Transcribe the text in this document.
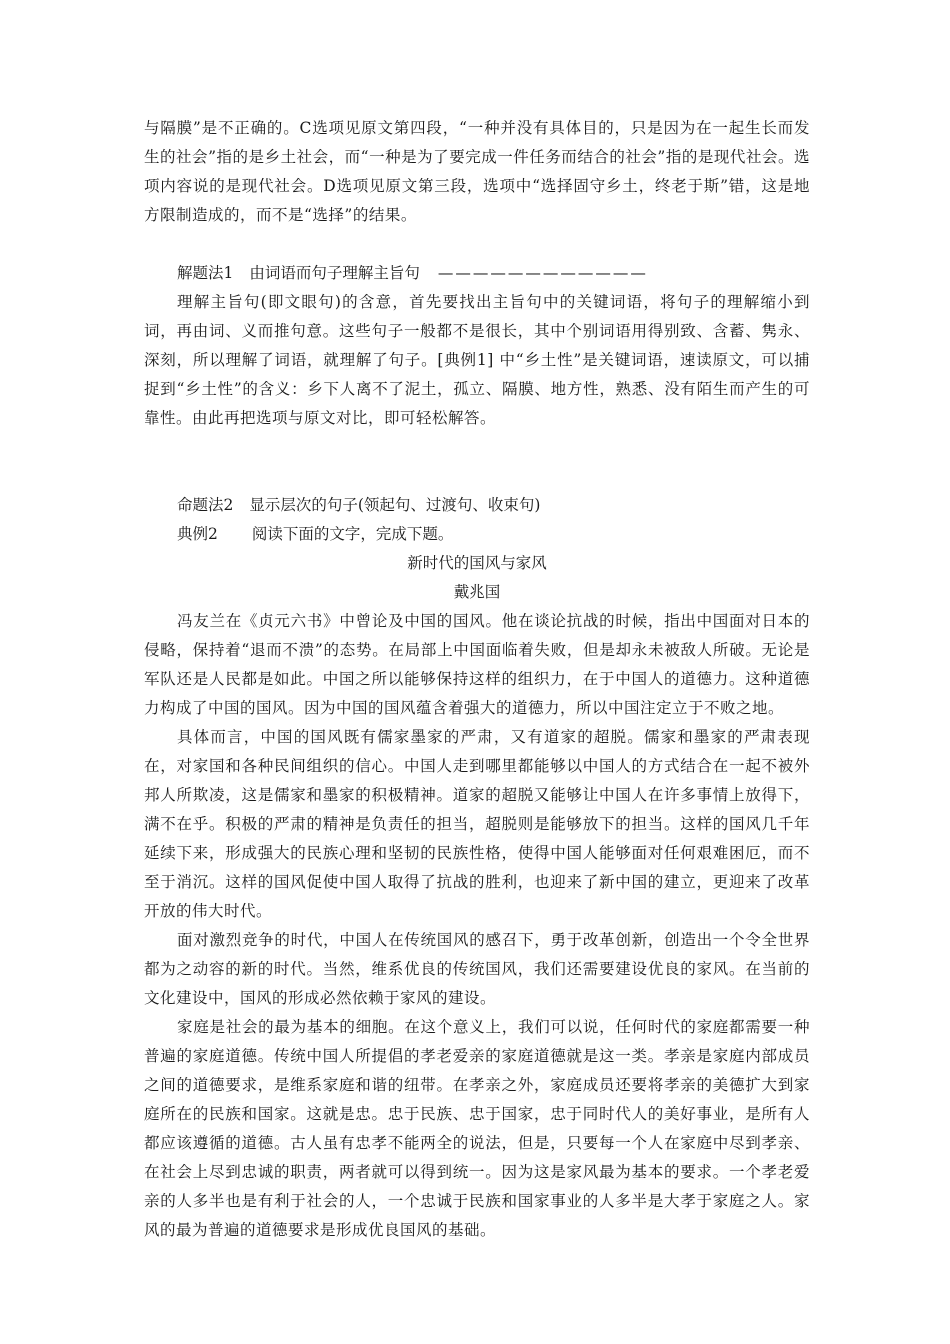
与隔膜”是不正确的。C选项见原文第四段，“一种并没有具体目的，只是因为在一起生长而发生的社会”指的是乡土社会，而“一种是为了要完成一件任务而结合的社会”指的是现代社会。选项内容说的是现代社会。D选项见原文第三段，选项中“选择固守乡土，终老于斯”错，这是地方限制造成的，而不是“选择”的结果。

解题法1 由词语而句子理解主旨句 ————————————

理解主旨句(即文眼句)的含意，首先要找出主旨句中的关键词语，将句子的理解缩小到词，再由词、义而推句意。这些句子一般都不是很长，其中个别词语用得别致、含蓄、隽永、深刻，所以理解了词语，就理解了句子。[典例1] 中“乡土性”是关键词语，速读原文，可以捕捉到“乡土性”的含义：乡下人离不了泥土，孤立、隔膜、地方性，熟悉、没有陌生而产生的可靠性。由此再把选项与原文对比，即可轻松解答。

命题法2 显示层次的句子(领起句、过渡句、收束句)
典例2 阅读下面的文字，完成下题。
新时代的国风与家风
戴兆国

冯友兰在《贞元六书》中曾论及中国的国风。他在谈论抗战的时候，指出中国面对日本的侵略，保持着“退而不溃”的态势。在局部上中国面临着失败，但是却永未被敌人所破。无论是军队还是人民都是如此。中国之所以能够保持这样的组织力，在于中国人的道德力。这种道德力构成了中国的国风。因为中国的国风蕴含着强大的道德力，所以中国注定立于不败之地。

具体而言，中国的国风既有儒家墨家的严肃，又有道家的超脱。儒家和墨家的严肃表现在，对家国和各种民间组织的信心。中国人走到哪里都能够以中国人的方式结合在一起不被外邦人所欺凌，这是儒家和墨家的积极精神。道家的超脱又能够让中国人在许多事情上放得下，满不在乎。积极的严肃的精神是负责任的担当，超脱则是能够放下的担当。这样的国风几千年延续下来，形成强大的民族心理和坚韧的民族性格，使得中国人能够面对任何艰难困厄，而不至于消沉。这样的国风促使中国人取得了抗战的胜利，也迎来了新中国的建立，更迎来了改革开放的伟大时代。

面对激烈竞争的时代，中国人在传统国风的感召下，勇于改革创新，创造出一个令全世界都为之动容的新的时代。当然，维系优良的传统国风，我们还需要建设优良的家风。在当前的文化建设中，国风的形成必然依赖于家风的建设。

家庭是社会的最为基本的细胞。在这个意义上，我们可以说，任何时代的家庭都需要一种普遍的家庭道德。传统中国人所提倡的孝老爱亲的家庭道德就是这一类。孝亲是家庭内部成员之间的道德要求，是维系家庭和谐的纽带。在孝亲之外，家庭成员还要将孝亲的美德扩大到家庭所在的民族和国家。这就是忠。忠于民族、忠于国家，忠于同时代人的美好事业，是所有人都应该遵循的道德。古人虽有忠孝不能两全的说法，但是，只要每一个人在家庭中尽到孝亲、在社会上尽到忠诚的职责，两者就可以得到统一。因为这是家风最为基本的要求。一个孝老爱亲的人多半也是有利于社会的人，一个忠诚于民族和国家事业的人多半是大孝于家庭之人。家风的最为普遍的道德要求是形成优良国风的基础。
